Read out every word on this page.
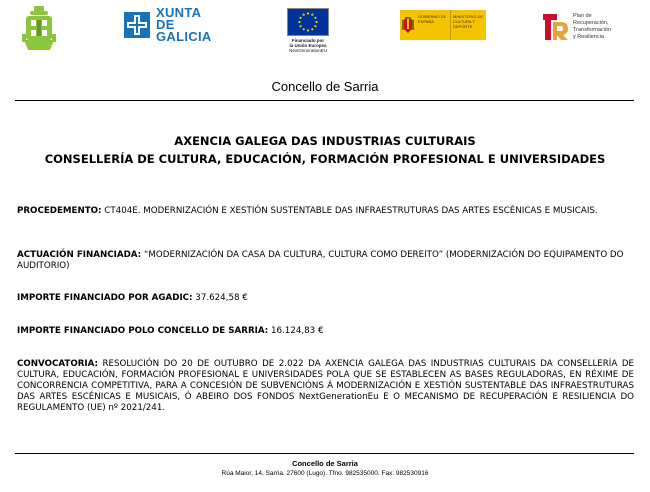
XUNTA
DE GALICIA	Financiado por
la Unión Europea
NextGenerationEU
GOBIERNO DE ESPAÑA
MINISTERIO DE CULTURA Y DEPORTE
Plan de
Recuperación,
Transformación
y Resiliencia
Concello de Sarria
AXENCIA GALEGA DAS INDUSTRIAS CULTURAIS
CONSELLERÍA DE CULTURA, EDUCACIÓN, FORMACIÓN PROFESIONAL E UNIVERSIDADES
PROCEDEMENTO: CT404E. MODERNIZACIÓN E XESTIÓN SUSTENTABLE DAS INFRAESTRUTURAS DAS ARTES ESCÉNICAS E MUSICAIS.
ACTUACIÓN FINANCIADA: “MODERNIZACIÓN DA CASA DA CULTURA, CULTURA COMO DEREITO” (MODERNIZACIÓN DO EQUIPAMENTO DO AUDITORIO)
IMPORTE FINANCIADO POR AGADIC: 37.624,58 €
IMPORTE FINANCIADO POLO CONCELLO DE SARRIA: 16.124,83 €
CONVOCATORIA: RESOLUCIÓN DO 20 DE OUTUBRO DE 2.022 DA AXENCIA GALEGA DAS INDUSTRIAS CULTURAIS DA CONSELLERÍA DE CULTURA, EDUCACIÓN, FORMACIÓN PROFESIONAL E UNIVERSIDADES POLA QUE SE ESTABLECEN AS BASES REGULADORAS, EN RÉXIME DE CONCORRENCIA COMPETITIVA, PARA A CONCESIÓN DE SUBVENCIÓNS Á MODERNIZACIÓN E XESTIÓN SUSTENTABLE DAS INFRAESTRUTURAS DAS ARTES ESCÉNICAS E MUSICAIS, Ó ABEIRO DOS FONDOS NextGenerationEu E O MECANISMO DE RECUPERACIÓN E RESILIENCIA DO REGULAMENTO (UE) nº 2021/241.
Concello de Sarria
Rúa Maior, 14, Sarria. 27600 (Lugo). Tfno. 982535000. Fax: 982530916
